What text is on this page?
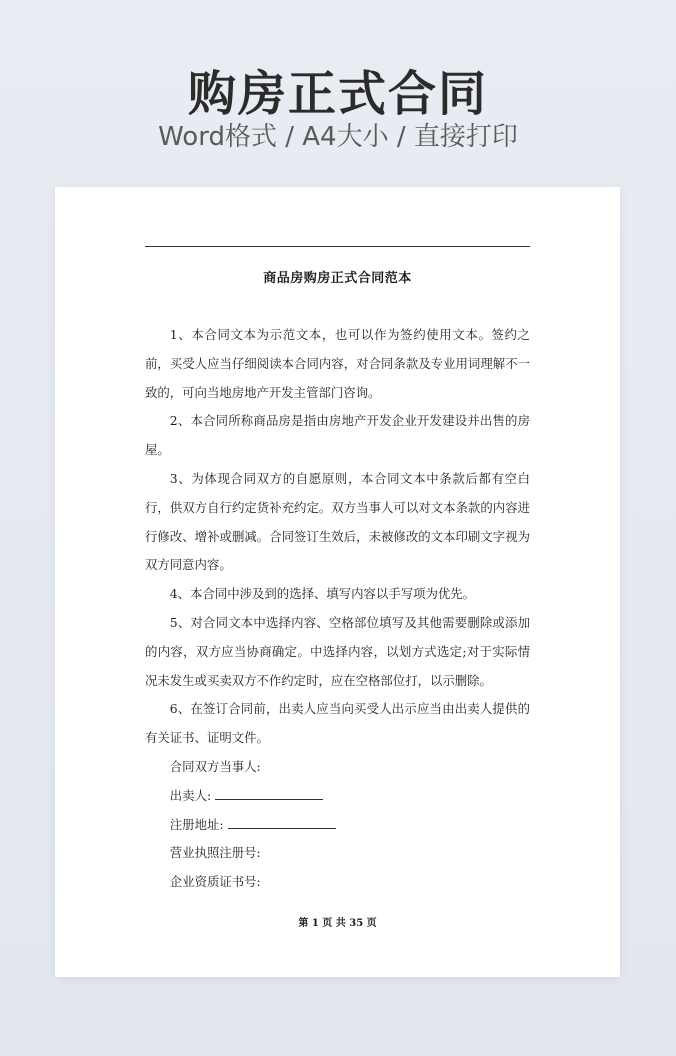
购房正式合同
Word格式 / A4大小 / 直接打印
商品房购房正式合同范本

1、本合同文本为示范文本，也可以作为签约使用文本。签约之前，买受人应当仔细阅读本合同内容，对合同条款及专业用词理解不一致的，可向当地房地产开发主管部门咨询。

2、本合同所称商品房是指由房地产开发企业开发建设并出售的房屋。

3、为体现合同双方的自愿原则，本合同文本中条款后都有空白行，供双方自行约定货补充约定。双方当事人可以对文本条款的内容进行修改、增补或删减。合同签订生效后，未被修改的文本印刷文字视为双方同意内容。

4、本合同中涉及到的选择、填写内容以手写项为优先。

5、对合同文本中选择内容、空格部位填写及其他需要删除或添加的内容，双方应当协商确定。中选择内容，以划方式选定;对于实际情况未发生或买卖双方不作约定时，应在空格部位打，以示删除。

6、在签订合同前，出卖人应当向买受人出示应当由出卖人提供的有关证书、证明文件。

合同双方当事人:
出卖人:
注册地址:
营业执照注册号:
企业资质证书号:
第 1 页 共 35 页
